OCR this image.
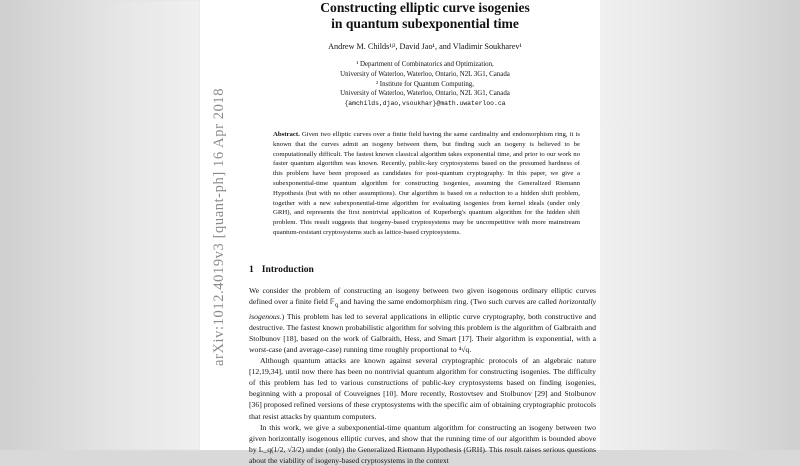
arXiv:1012.4019v3 [quant-ph] 16 Apr 2018
Constructing elliptic curve isogenies
in quantum subexponential time
Andrew M. Childs¹ʲ², David Jao¹, and Vladimir Soukharev¹
¹ Department of Combinatorics and Optimization,
University of Waterloo, Waterloo, Ontario, N2L 3G1, Canada
² Institute for Quantum Computing,
University of Waterloo, Waterloo, Ontario, N2L 3G1, Canada
{amchilds,djao,vsoukhar}@math.uwaterloo.ca
Abstract. Given two elliptic curves over a finite field having the same cardinality and endomorphism ring, it is known that the curves admit an isogeny between them, but finding such an isogeny is believed to be computationally difficult. The fastest known classical algorithm takes exponential time, and prior to our work no faster quantum algorithm was known. Recently, public-key cryptosystems based on the presumed hardness of this problem have been proposed as candidates for post-quantum cryptography. In this paper, we give a subexponential-time quantum algorithm for constructing isogenies, assuming the Generalized Riemann Hypothesis (but with no other assumptions). Our algorithm is based on a reduction to a hidden shift problem, together with a new subexponential-time algorithm for evaluating isogenies from kernel ideals (under only GRH), and represents the first nontrivial application of Kuperberg's quantum algorithm for the hidden shift problem. This result suggests that isogeny-based cryptosystems may be uncompetitive with more mainstream quantum-resistant cryptosystems such as lattice-based cryptosystems.
1 Introduction

We consider the problem of constructing an isogeny between two given isogenous ordinary elliptic curves defined over a finite field 𝔽$_q$ and having the same endomorphism ring. (Two such curves are called horizontally isogenous.) This problem has led to several applications in elliptic curve cryptography, both constructive and destructive. The fastest known probabilistic algorithm for solving this problem is the algorithm of Galbraith and Stolbunov [18], based on the work of Galbraith, Hess, and Smart [17]. Their algorithm is exponential, with a worst-case (and average-case) running time roughly proportional to ⁴√q.

Although quantum attacks are known against several cryptographic protocols of an algebraic nature [12,19,34], until now there has been no nontrivial quantum algorithm for constructing isogenies. The difficulty of this problem has led to various constructions of public-key cryptosystems based on finding isogenies, beginning with a proposal of Couveignes [10]. More recently, Rostovtsev and Stolbunov [29] and Stolbunov [36] proposed refined versions of these cryptosystems with the specific aim of obtaining cryptographic protocols that resist attacks by quantum computers.

In this work, we give a subexponential-time quantum algorithm for constructing an isogeny between two given horizontally isogenous elliptic curves, and show that the running time of our algorithm is bounded above by L_q(1/2, √3/2) under (only) the Generalized Riemann Hypothesis (GRH). This result raises serious questions about the viability of isogeny-based cryptosystems in the context
